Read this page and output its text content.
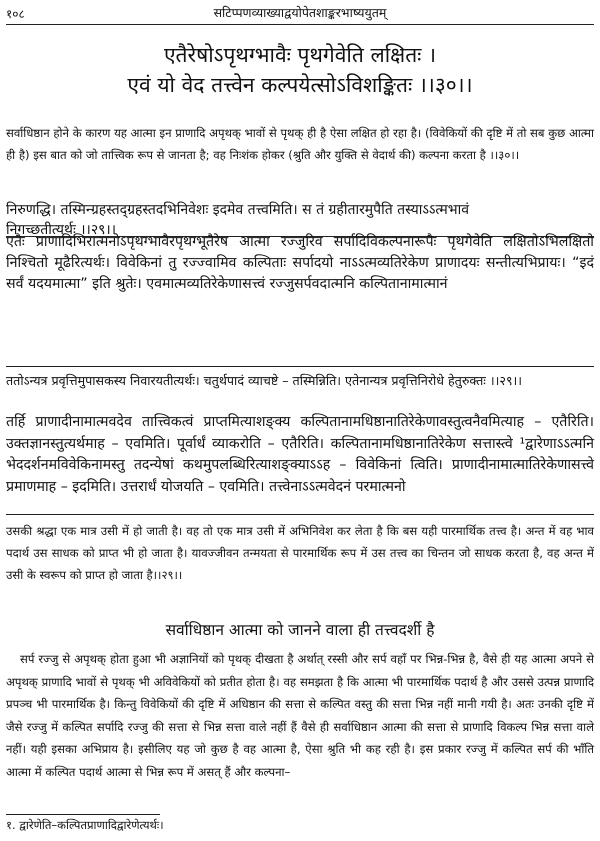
१०८	सटिप्पणव्याख्याद्वयोपेतशाङ्करभाष्ययुतम्
एतैरेषोऽपृथग्भावैः पृथगेवेति लक्षितः ।
एवं यो वेद तत्त्वेन कल्पयेत्सोऽविशङ्कितः ।।३०।।

सर्वाधिष्ठान होने के कारण यह आत्मा इन प्राणादि अपृथक् भावों से पृथक् ही है ऐसा लक्षित हो रहा है। (विवेकियों की दृष्टि में तो सब कुछ आत्मा ही है) इस बात को जो तात्त्विक रूप से जानता है; वह निःशंक होकर (श्रुति और युक्ति से वेदार्थ की) कल्पना करता है ।।३०।।

निरुणद्धि। तस्मिन्ग्रहस्तद्ग्रहस्तदभिनिवेशः इदमेव तत्त्वमिति। स तं ग्रहीतारमुपैति तस्याऽऽत्मभावं
निगच्छतीत्यर्थः ।।२९।।

एतैः प्राणादिभिरात्मनोऽपृथग्भावैरपृथग्भूतैरेष आत्मा रज्जुरिव सर्पादिविकल्पनारूपैः पृथगेवेति लक्षितोऽभिलक्षितो निश्चितो मूढैरित्यर्थः। विवेकिनां तु रज्ज्वामिव कल्पिताः सर्पादयो नाऽऽत्मव्यतिरेकेण प्राणादयः सन्तीत्यभिप्रायः। “इदं सर्वं यदयमात्मा” इति श्रुतेः। एवमात्मव्यतिरेकेणासत्त्वं रज्जुसर्पवदात्मनि कल्पितानामात्मानं

ततोऽन्यत्र प्रवृत्तिमुपासकस्य निवारयतीत्यर्थः। चतुर्थपादं व्याचष्टे – तस्मिन्निति। एतेनान्यत्र प्रवृत्तिनिरोधे हेतुरुक्तः ।।२९।।

तर्हि प्राणादीनामात्मवदेव तात्त्विकत्वं प्राप्तमित्याशङ्क्य कल्पितानामधिष्ठानातिरेकेणावस्तुत्वनैवमित्याह – एतैरिति। उक्तज्ञानस्तुत्यर्थमाह – एवमिति। पूर्वार्धं व्याकरोति – एतैरिति। कल्पितानामधिष्ठानातिरेकेण सत्तास्त्वे ¹द्वारेणाऽऽत्मनि भेददर्शनमविवेकिनामस्तु तदन्येषां कथमुपलब्धिरित्याशङ्क्याऽऽह – विवेकिनां त्विति। प्राणादीनामात्मातिरेकेणासत्त्वे प्रमाणमाह – इदमिति। उत्तरार्धं योजयति – एवमिति। तत्त्वेनाऽऽत्मवेदनं परमात्मनो

उसकी श्रद्धा एक मात्र उसी में हो जाती है। वह तो एक मात्र उसी में अभिनिवेश कर लेता है कि बस यही पारमार्थिक तत्त्व है। अन्त में वह भाव पदार्थ उस साधक को प्राप्त भी हो जाता है। यावज्जीवन तन्मयता से पारमार्थिक रूप में उस तत्त्व का चिन्तन जो साधक करता है, वह अन्त में उसी के स्वरूप को प्राप्त हो जाता है।।२९।।

सर्वाधिष्ठान आत्मा को जानने वाला ही तत्त्वदर्शी है

सर्प रज्जु से अपृथक् होता हुआ भी अज्ञानियों को पृथक् दीखता है अर्थात् रस्सी और सर्प वहाँ पर भिन्न-भिन्न है, वैसे ही यह आत्मा अपने से अपृथक् प्राणादि भावों से पृथक् भी अविवेकियों को प्रतीत होता है। वह समझता है कि आत्मा भी पारमार्थिक पदार्थ है और उससे उत्पन्न प्राणादि प्रपञ्च भी पारमार्थिक है। किन्तु विवेकियों की दृष्टि में अधिष्ठान की सत्ता से कल्पित वस्तु की सत्ता भिन्न नहीं मानी गयी है। अतः उनकी दृष्टि में जैसे रज्जु में कल्पित सर्पादि रज्जु की सत्ता से भिन्न सत्ता वाले नहीं हैं वैसे ही सर्वाधिष्ठान आत्मा की सत्ता से प्राणादि विकल्प भिन्न सत्ता वाले नहीं। यही इसका अभिप्राय है। इसीलिए यह जो कुछ है वह आत्मा है, ऐसा श्रुति भी कह रही है। इस प्रकार रज्जु में कल्पित सर्प की भाँति आत्मा में कल्पित पदार्थ आत्मा से भिन्न रूप में असत् हैं और कल्पना–

१. द्वारेणेति–कल्पितप्राणादिद्वारेणेत्यर्थः।
